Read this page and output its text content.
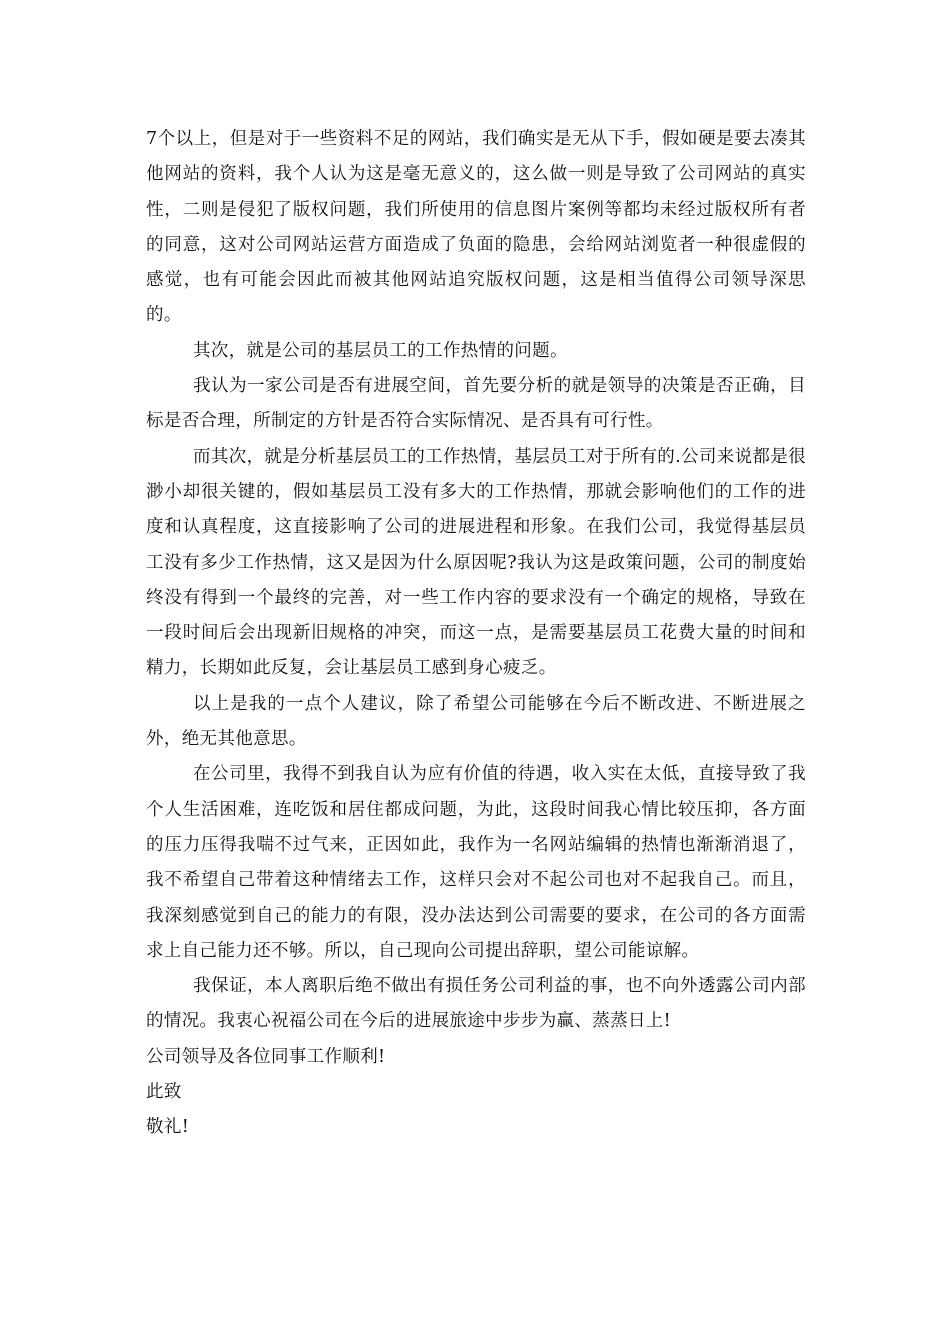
7个以上，但是对于一些资料不足的网站，我们确实是无从下手，假如硬是要去凑其他网站的资料，我个人认为这是毫无意义的，这么做一则是导致了公司网站的真实性，二则是侵犯了版权问题，我们所使用的信息图片案例等都均未经过版权所有者的同意，这对公司网站运营方面造成了负面的隐患，会给网站浏览者一种很虚假的感觉，也有可能会因此而被其他网站追究版权问题，这是相当值得公司领导深思的。

其次，就是公司的基层员工的工作热情的问题。

我认为一家公司是否有进展空间，首先要分析的就是领导的决策是否正确，目标是否合理，所制定的方针是否符合实际情况、是否具有可行性。

而其次，就是分析基层员工的工作热情，基层员工对于所有的.公司来说都是很渺小却很关键的，假如基层员工没有多大的工作热情，那就会影响他们的工作的进度和认真程度，这直接影响了公司的进展进程和形象。在我们公司，我觉得基层员工没有多少工作热情，这又是因为什么原因呢?我认为这是政策问题，公司的制度始终没有得到一个最终的完善，对一些工作内容的要求没有一个确定的规格，导致在一段时间后会出现新旧规格的冲突，而这一点，是需要基层员工花费大量的时间和精力，长期如此反复，会让基层员工感到身心疲乏。

以上是我的一点个人建议，除了希望公司能够在今后不断改进、不断进展之外，绝无其他意思。

在公司里，我得不到我自认为应有价值的待遇，收入实在太低，直接导致了我个人生活困难，连吃饭和居住都成问题，为此，这段时间我心情比较压抑，各方面的压力压得我喘不过气来，正因如此，我作为一名网站编辑的热情也渐渐消退了，我不希望自己带着这种情绪去工作，这样只会对不起公司也对不起我自己。而且，我深刻感觉到自己的能力的有限，没办法达到公司需要的要求，在公司的各方面需求上自己能力还不够。所以，自己现向公司提出辞职，望公司能谅解。

我保证，本人离职后绝不做出有损任务公司利益的事，也不向外透露公司内部的情况。我衷心祝福公司在今后的进展旅途中步步为赢、蒸蒸日上!

公司领导及各位同事工作顺利!

此致

敬礼!
